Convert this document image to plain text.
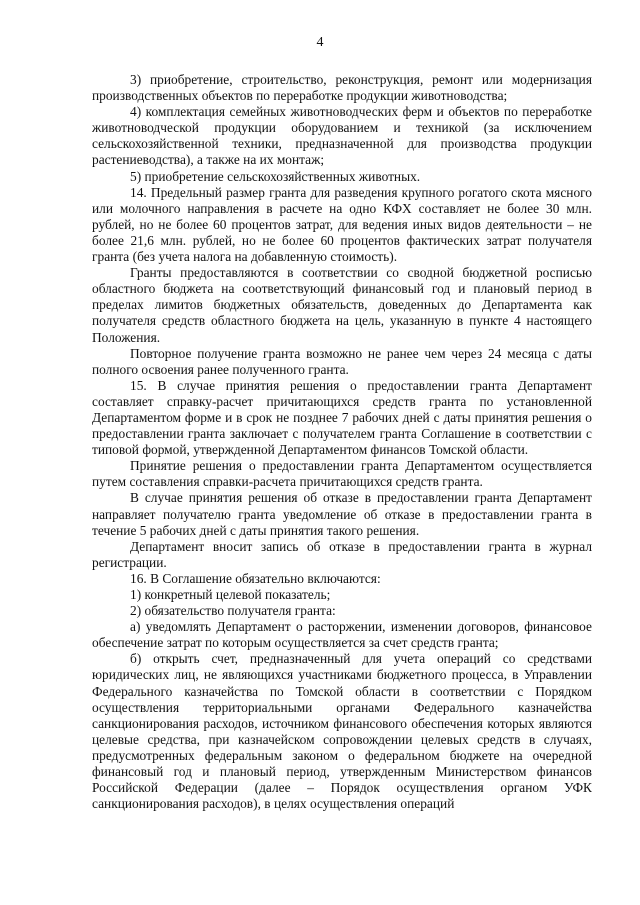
4

3) приобретение, строительство, реконструкция, ремонт или модернизация производственных объектов по переработке продукции животноводства;

4) комплектация семейных животноводческих ферм и объектов по переработке животноводческой продукции оборудованием и техникой (за исключением сельскохозяйственной техники, предназначенной для производства продукции растениеводства), а также на их монтаж;

5) приобретение сельскохозяйственных животных.

14. Предельный размер гранта для разведения крупного рогатого скота мясного или молочного направления в расчете на одно КФХ составляет не более 30 млн. рублей, но не более 60 процентов затрат, для ведения иных видов деятельности – не более 21,6 млн. рублей, но не более 60 процентов фактических затрат получателя гранта (без учета налога на добавленную стоимость).

Гранты предоставляются в соответствии со сводной бюджетной росписью областного бюджета на соответствующий финансовый год и плановый период в пределах лимитов бюджетных обязательств, доведенных до Департамента как получателя средств областного бюджета на цель, указанную в пункте 4 настоящего Положения.

Повторное получение гранта возможно не ранее чем через 24 месяца с даты полного освоения ранее полученного гранта.

15. В случае принятия решения о предоставлении гранта Департамент составляет справку-расчет причитающихся средств гранта по установленной Департаментом форме и в срок не позднее 7 рабочих дней с даты принятия решения о предоставлении гранта заключает с получателем гранта Соглашение в соответствии с типовой формой, утвержденной Департаментом финансов Томской области.

Принятие решения о предоставлении гранта Департаментом осуществляется путем составления справки-расчета причитающихся средств гранта.

В случае принятия решения об отказе в предоставлении гранта Департамент направляет получателю гранта уведомление об отказе в предоставлении гранта в течение 5 рабочих дней с даты принятия такого решения.

Департамент вносит запись об отказе в предоставлении гранта в журнал регистрации.

16. В Соглашение обязательно включаются:

1) конкретный целевой показатель;

2) обязательство получателя гранта:

а) уведомлять Департамент о расторжении, изменении договоров, финансовое обеспечение затрат по которым осуществляется за счет средств гранта;

б) открыть счет, предназначенный для учета операций со средствами юридических лиц, не являющихся участниками бюджетного процесса, в Управлении Федерального казначейства по Томской области в соответствии с Порядком осуществления территориальными органами Федерального казначейства санкционирования расходов, источником финансового обеспечения которых являются целевые средства, при казначейском сопровождении целевых средств в случаях, предусмотренных федеральным законом о федеральном бюджете на очередной финансовый год и плановый период, утвержденным Министерством финансов Российской Федерации (далее – Порядок осуществления органом УФК санкционирования расходов), в целях осуществления операций
